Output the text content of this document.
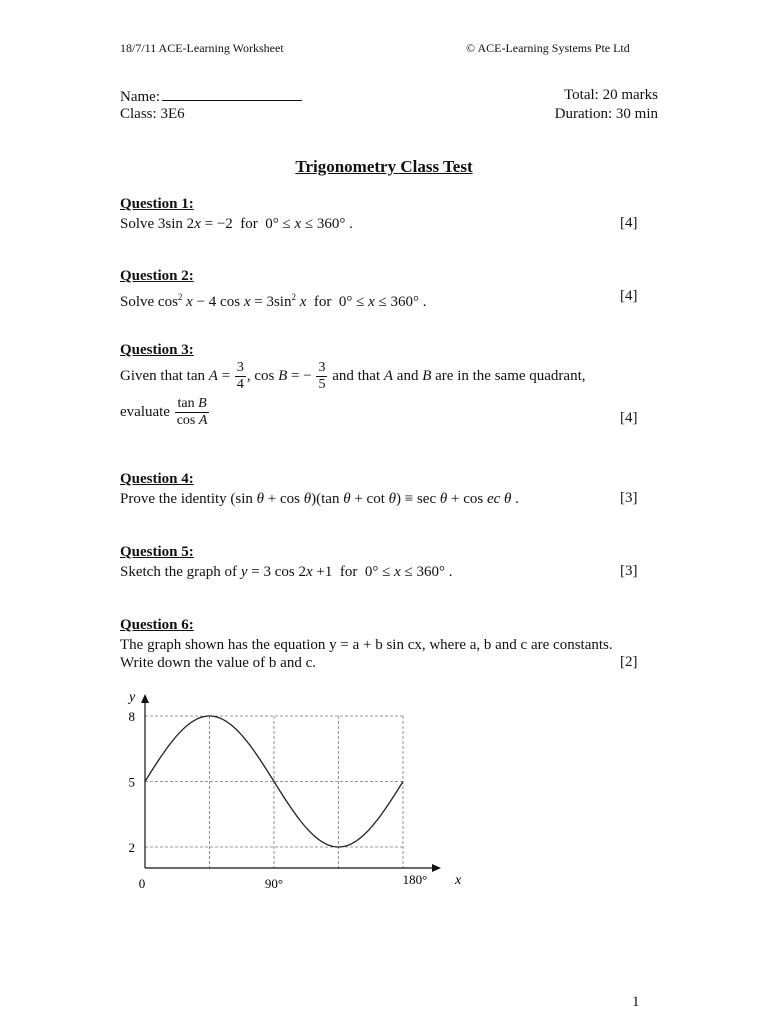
18/7/11 ACE-Learning Worksheet	© ACE-Learning Systems Pte Ltd
Name:
Class: 3E6
Total: 20 marks
Duration: 30 min
Trigonometry Class Test
Question 1:
Solve 3sin 2x = −2  for  0° ≤ x ≤ 360° .	[4]
Question 2:
Solve $\cos^2 x - 4$ $\cos x = 3\sin^2$ x  for  0° ≤ x ≤ 360° .	[4]
Question 3:
Given that $\tan A = \frac{3}{4}$ , cos B = − $\frac{3}{5}$ and that A and B are in the same quadrant,
evaluate $\frac{\text{tan B}}{\text{cos A}}$	[4]
Question 4:
Prove the identity (sin θ + cos θ)(tan θ + cot θ) ≡ sec θ + cos ec θ .	[3]
Question 5:
Sketch the graph of y = 3 cos 2x +1  for  0° ≤ x ≤ 360° .	[3]
Question 6:
The graph shown has the equation y = a + b sin cx, where a, b and c are constants.
Write down the value of b and c.	[2]
y
x
2
5
8
0	90°	180°
1
